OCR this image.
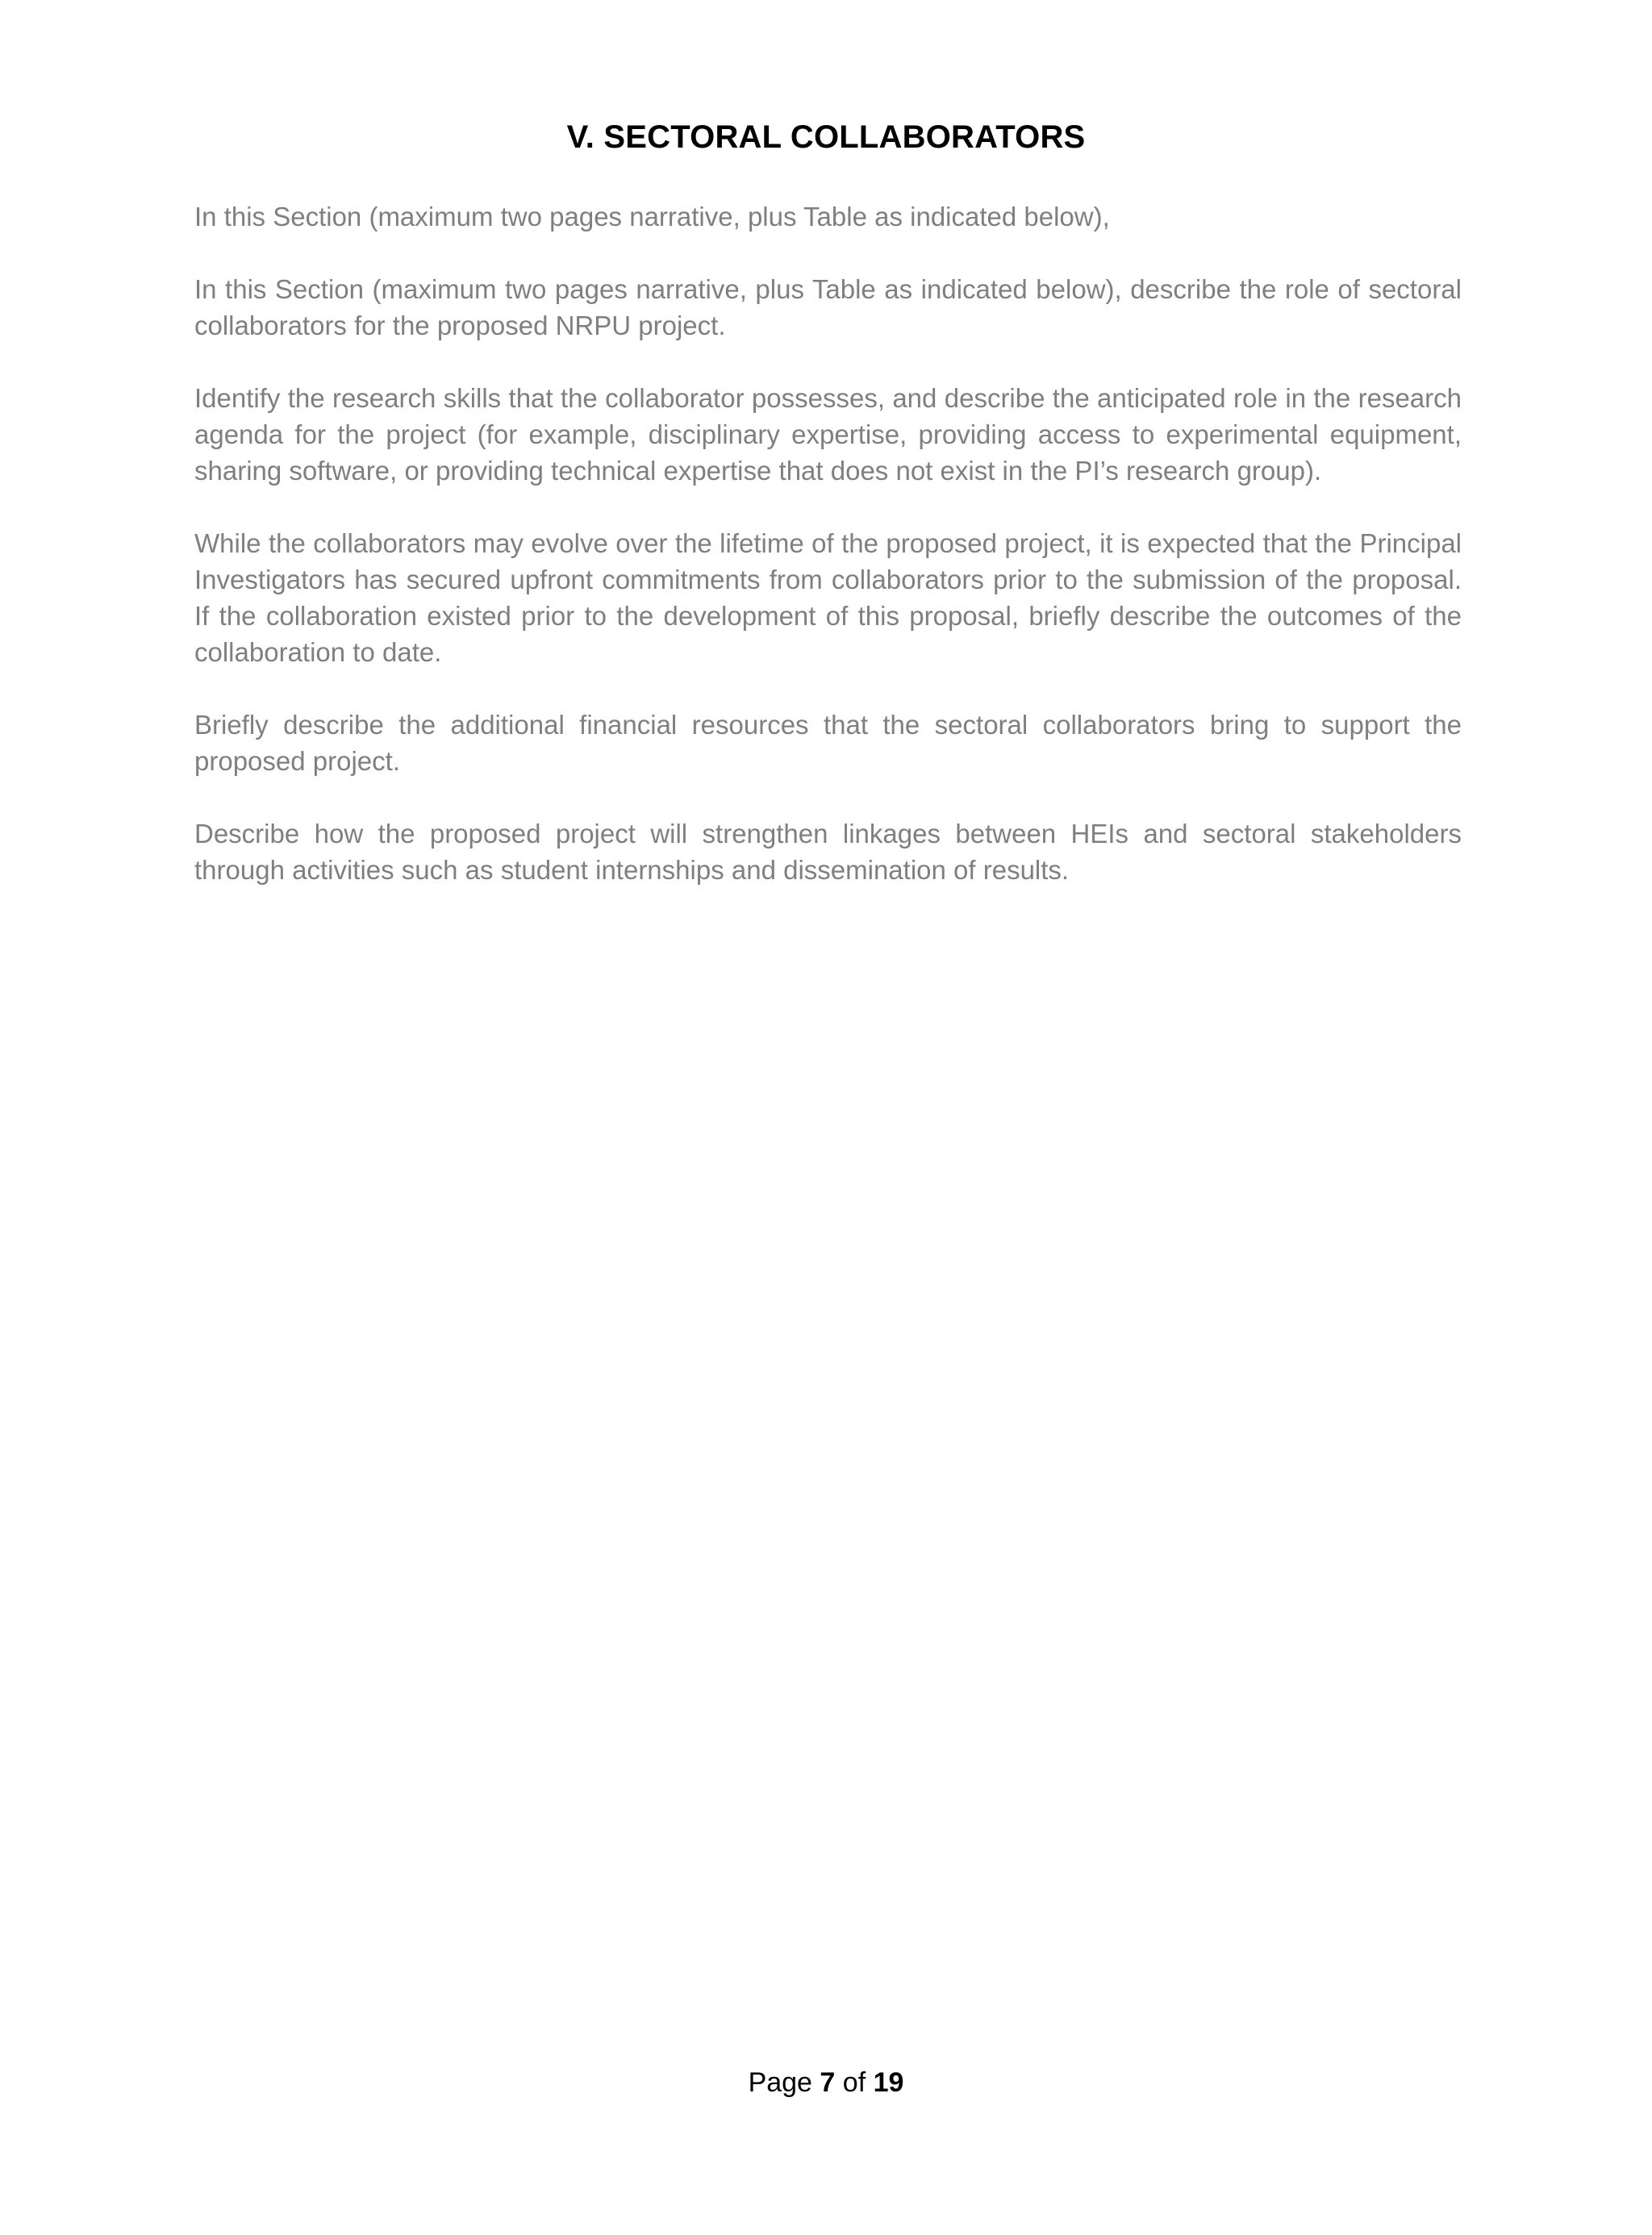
V. SECTORAL COLLABORATORS

In this Section (maximum two pages narrative, plus Table as indicated below),

In this Section (maximum two pages narrative, plus Table as indicated below), describe the role of sectoral collaborators for the proposed NRPU project.

Identify the research skills that the collaborator possesses, and describe the anticipated role in the research agenda for the project (for example, disciplinary expertise, providing access to experimental equipment, sharing software, or providing technical expertise that does not exist in the PI’s research group).

While the collaborators may evolve over the lifetime of the proposed project, it is expected that the Principal Investigators has secured upfront commitments from collaborators prior to the submission of the proposal. If the collaboration existed prior to the development of this proposal, briefly describe the outcomes of the collaboration to date.

Briefly describe the additional financial resources that the sectoral collaborators bring to support the proposed project.

Describe how the proposed project will strengthen linkages between HEIs and sectoral stakeholders through activities such as student internships and dissemination of results.

Page 7 of 19
